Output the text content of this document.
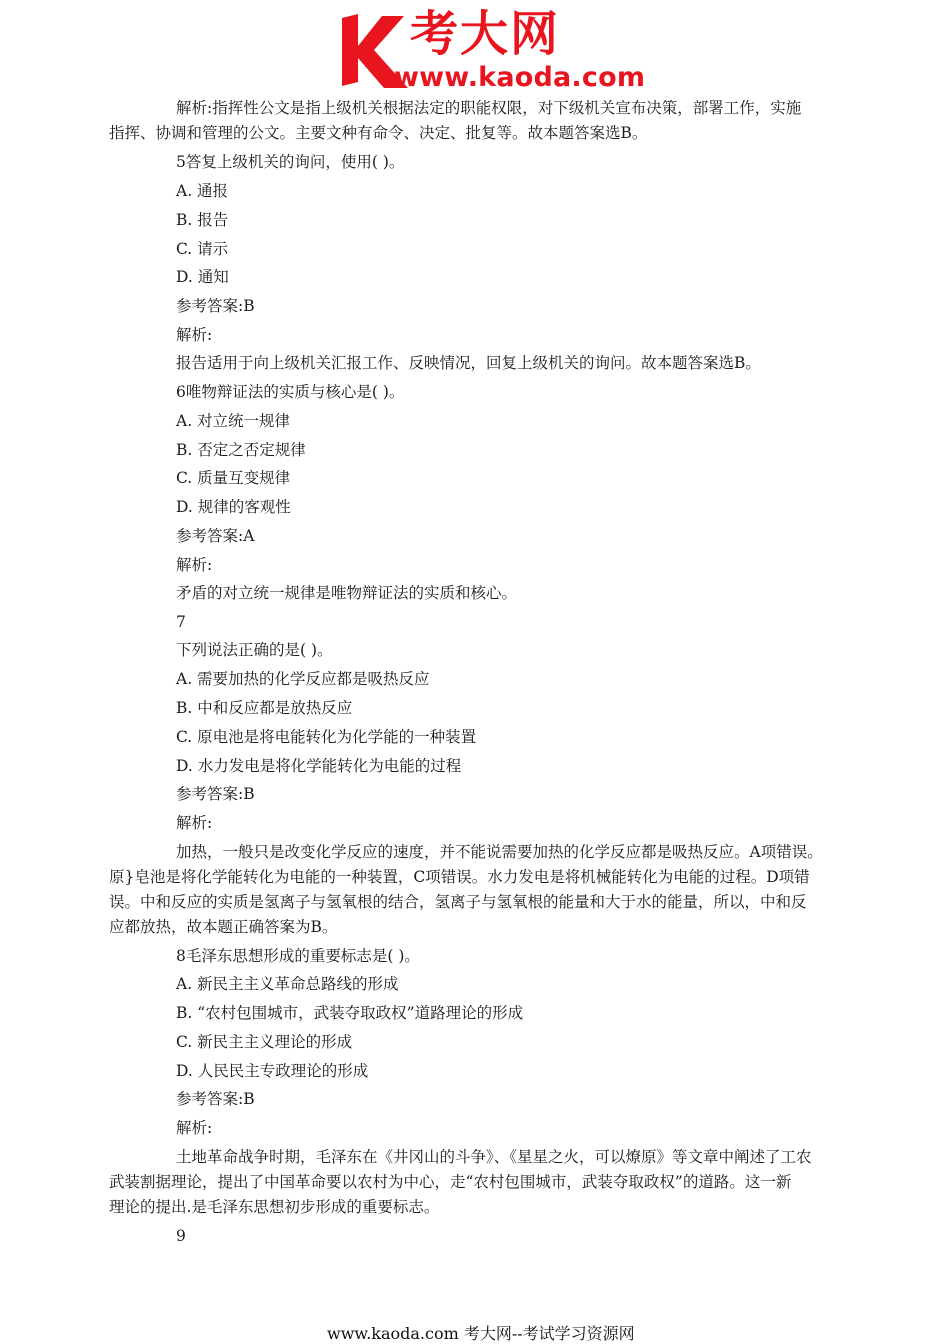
考大网
www.kaoda.com
解析:指挥性公文是指上级机关根据法定的职能权限，对下级机关宣布决策，部署工作，实施
指挥、协调和管理的公文。主要文种有命令、决定、批复等。故本题答案选B。
5答复上级机关的询问，使用( )。
A. 通报
B. 报告
C. 请示
D. 通知
参考答案:B
解析:
报告适用于向上级机关汇报工作、反映情况，回复上级机关的询问。故本题答案选B。
6唯物辩证法的实质与核心是( )。
A. 对立统一规律
B. 否定之否定规律
C. 质量互变规律
D. 规律的客观性
参考答案:A
解析:
矛盾的对立统一规律是唯物辩证法的实质和核心。
7
下列说法正确的是( )。
A. 需要加热的化学反应都是吸热反应
B. 中和反应都是放热反应
C. 原电池是将电能转化为化学能的一种装置
D. 水力发电是将化学能转化为电能的过程
参考答案:B
解析:
加热，一般只是改变化学反应的速度，并不能说需要加热的化学反应都是吸热反应。A项错误。
原}皂池是将化学能转化为电能的一种装置，C项错误。水力发电是将机械能转化为电能的过程。D项错
误。中和反应的实质是氢离子与氢氧根的结合，氢离子与氢氧根的能量和大于水的能量，所以，中和反
应都放热，故本题正确答案为B。
8毛泽东思想形成的重要标志是( )。
A. 新民主主义革命总路线的形成
B. “农村包围城市，武装夺取政权”道路理论的形成
C. 新民主主义理论的形成
D. 人民民主专政理论的形成
参考答案:B
解析:
土地革命战争时期，毛泽东在《井冈山的斗争》、《星星之火，可以燎原》等文章中阐述了工农
武装割据理论，提出了中国革命要以农村为中心，走“农村包围城市，武装夺取政权”的道路。这一新
理论的提出.是毛泽东思想初步形成的重要标志。
9
www.kaoda.com 考大网--考试学习资源网
